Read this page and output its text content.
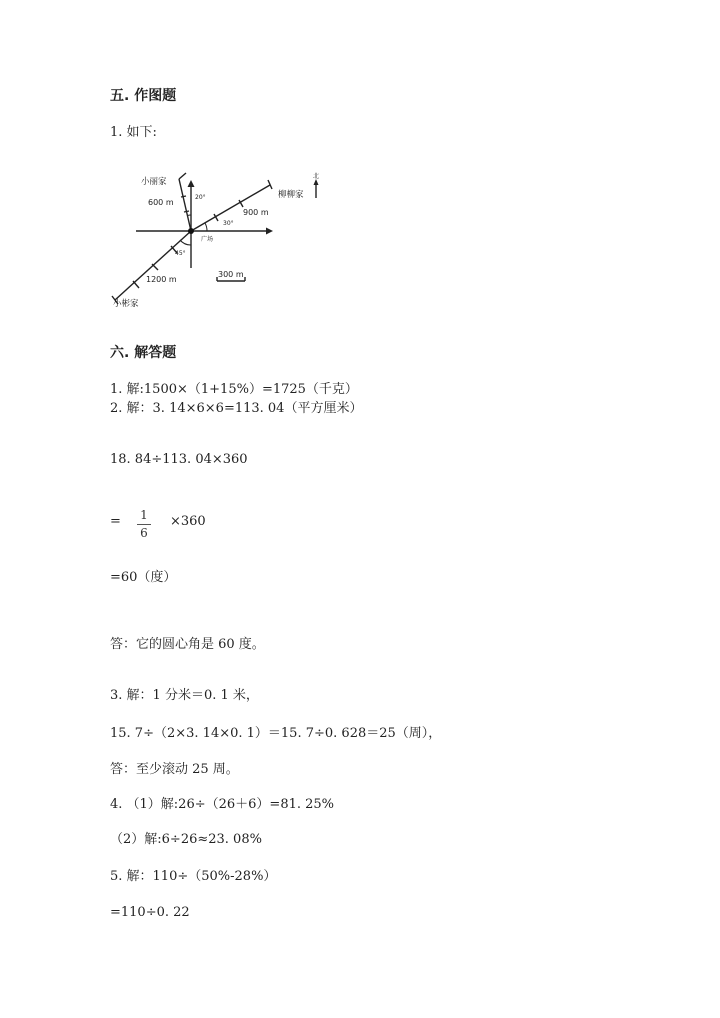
五. 作图题
1. 如下:
小丽家
600 m
20°	柳柳家
北
900 m
30°
广场
45°
1200 m
300 m
小彬家
六. 解答题
1. 解:1500×（1+15%）=1725（千克）
2. 解：3. 14×6×6=113. 04（平方厘米）
18. 84÷113. 04×360
=	1
6
×360
=60（度）
答：它的圆心角是 60 度。
3. 解：1 分米＝0. 1 米，
15. 7÷（2×3. 14×0. 1）＝15. 7÷0. 628＝25（周），
答：至少滚动 25 周。
4. （1）解:26÷（26＋6）=81. 25%
（2）解:6÷26≈23. 08%
5. 解：110÷（50%-28%）
=110÷0. 22
